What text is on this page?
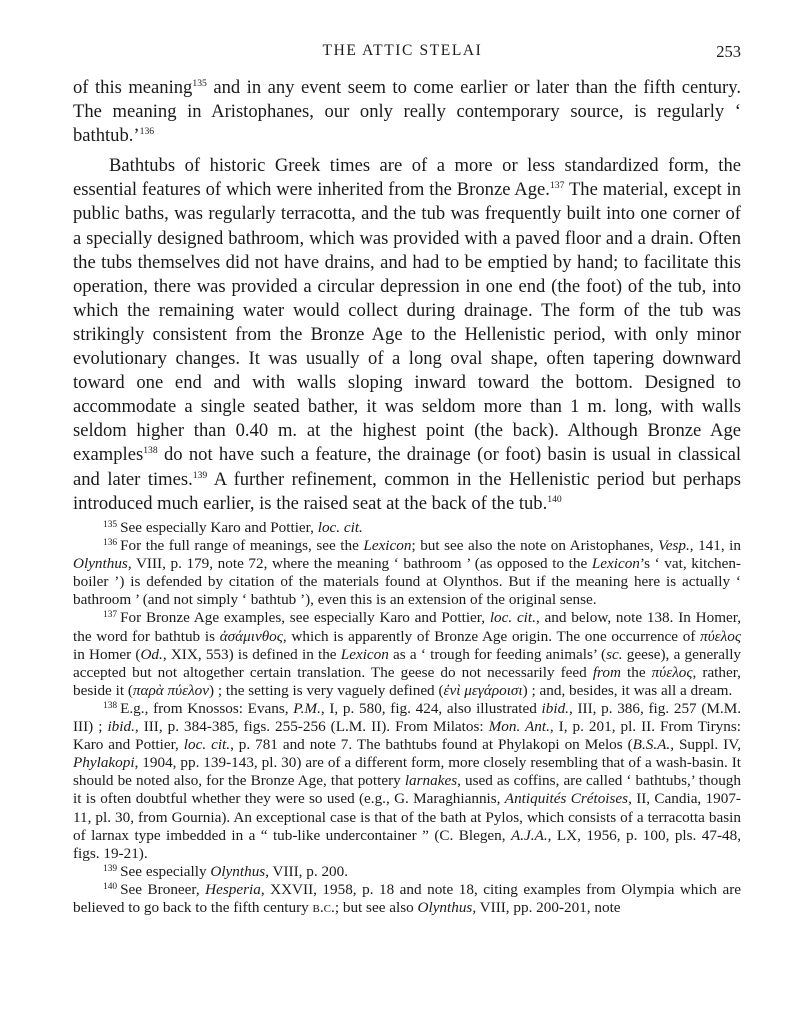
THE ATTIC STELAI	253

of this meaning$^{135}$ and in any event seem to come earlier or later than the fifth century. The meaning in Aristophanes, our only really contemporary source, is regularly ‘ bathtub.’$^{136}$

Bathtubs of historic Greek times are of a more or less standardized form, the essential features of which were inherited from the Bronze Age.$^{137}$ The material, except in public baths, was regularly terracotta, and the tub was frequently built into one corner of a specially designed bathroom, which was provided with a paved floor and a drain. Often the tubs themselves did not have drains, and had to be emptied by hand; to facilitate this operation, there was provided a circular depression in one end (the foot) of the tub, into which the remaining water would collect during drainage. The form of the tub was strikingly consistent from the Bronze Age to the Hellenistic period, with only minor evolutionary changes. It was usually of a long oval shape, often tapering downward toward one end and with walls sloping inward toward the bottom. Designed to accommodate a single seated bather, it was seldom more than 1 m. long, with walls seldom higher than 0.40 m. at the highest point (the back). Although Bronze Age examples$^{138}$ do not have such a feature, the drainage (or foot) basin is usual in classical and later times.$^{139}$ A further refinement, common in the Hellenistic period but perhaps introduced much earlier, is the raised seat at the back of the tub.$^{140}$

$^{135}$ See especially Karo and Pottier, loc. cit.

$^{136}$ For the full range of meanings, see the Lexicon; but see also the note on Aristophanes, Vesp., 141, in Olynthus, VIII, p. 179, note 72, where the meaning ‘ bathroom ’ (as opposed to the Lexicon’s ‘ vat, kitchen-boiler ’) is defended by citation of the materials found at Olynthos. But if the meaning here is actually ‘ bathroom ’ (and not simply ‘ bathtub ’), even this is an extension of the original sense.

$^{137}$ For Bronze Age examples, see especially Karo and Pottier, loc. cit., and below, note 138. In Homer, the word for bathtub is ἀσάμινθος, which is apparently of Bronze Age origin. The one occurrence of πύελος in Homer (Od., XIX, 553) is defined in the Lexicon as a ‘ trough for feeding animals’ (sc. geese), a generally accepted but not altogether certain translation. The geese do not necessarily feed from the πύελος, rather, beside it (παρὰ πύελον) ; the setting is very vaguely defined (ἐνὶ μεγάροισι) ; and, besides, it was all a dream.

$^{138}$ E.g., from Knossos: Evans, P.M., I, p. 580, fig. 424, also illustrated ibid., III, p. 386, fig. 257 (M.M. III) ; ibid., III, p. 384-385, figs. 255-256 (L.M. II). From Milatos: Mon. Ant., I, p. 201, pl. II. From Tiryns: Karo and Pottier, loc. cit., p. 781 and note 7. The bathtubs found at Phylakopi on Melos (B.S.A., Suppl. IV, Phylakopi, 1904, pp. 139-143, pl. 30) are of a different form, more closely resembling that of a wash-basin. It should be noted also, for the Bronze Age, that pottery larnakes, used as coffins, are called ‘ bathtubs,’ though it is often doubtful whether they were so used (e.g., G. Maraghiannis, Antiquités Crétoises, II, Candia, 1907-11, pl. 30, from Gournia). An exceptional case is that of the bath at Pylos, which consists of a terracotta basin of larnax type imbedded in a “ tub-like undercontainer ” (C. Blegen, A.J.A., LX, 1956, p. 100, pls. 47-48, figs. 19-21).

$^{139}$ See especially Olynthus, VIII, p. 200.

$^{140}$ See Broneer, Hesperia, XXVII, 1958, p. 18 and note 18, citing examples from Olympia which are believed to go back to the fifth century b.c.; but see also Olynthus, VIII, pp. 200-201, note
